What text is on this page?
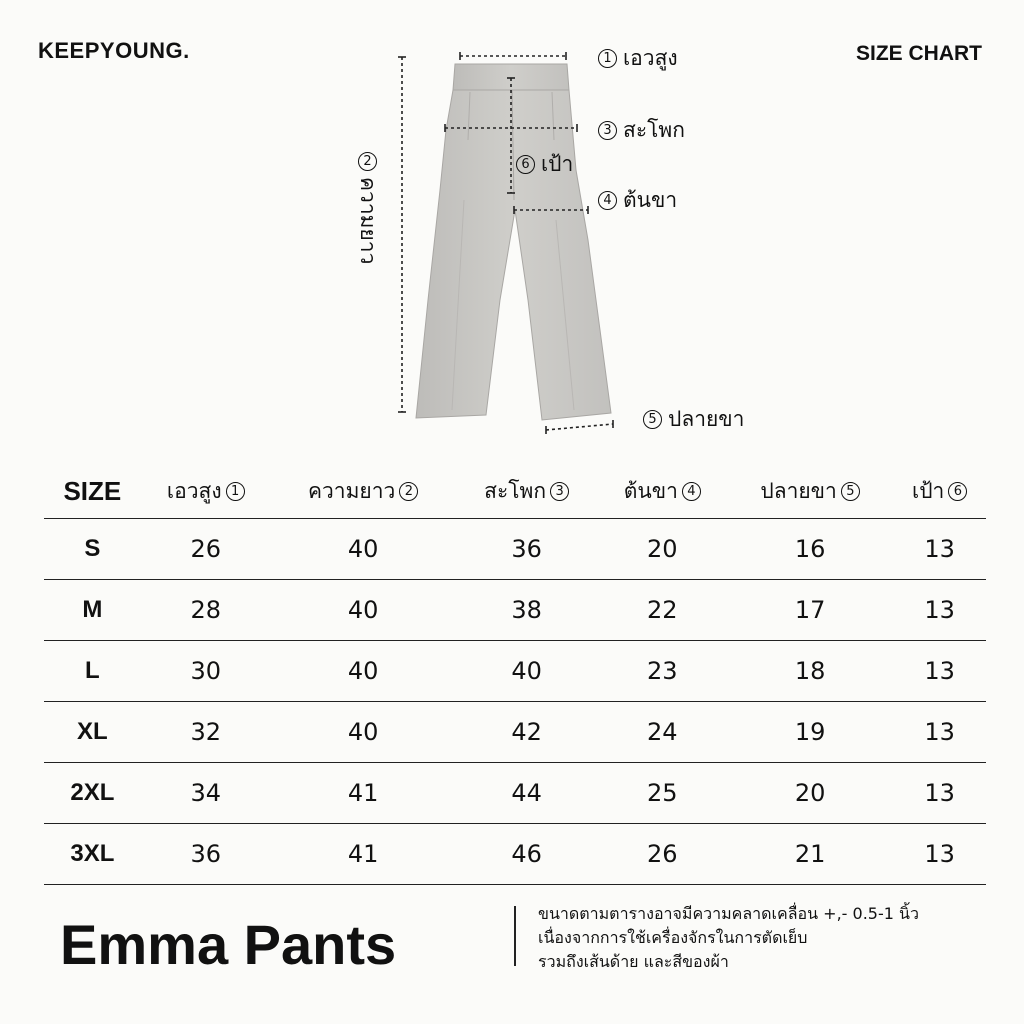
KEEPYOUNG.	SIZE CHART
1 เอวสูง
2
ความยาว
3 สะโพก
4 ต้นขา
5 ปลายขา
6 เป้า
SIZE	เอวสูง 1	ความยาว 2	สะโพก 3	ต้นขา 4	ปลายขา 5	เป้า 6

S	26	40	36	20	16	13
M	28	40	38	22	17	13
L	30	40	40	23	18	13
XL	32	40	42	24	19	13
2XL	34	41	44	25	20	13
3XL	36	41	46	26	21	13
Emma Pants	ขนาดตามตารางอาจมีความคลาดเคลื่อน +,- 0.5-1 นิ้ว
เนื่องจากการใช้เครื่องจักรในการตัดเย็บ
รวมถึงเส้นด้าย และสีของผ้า
